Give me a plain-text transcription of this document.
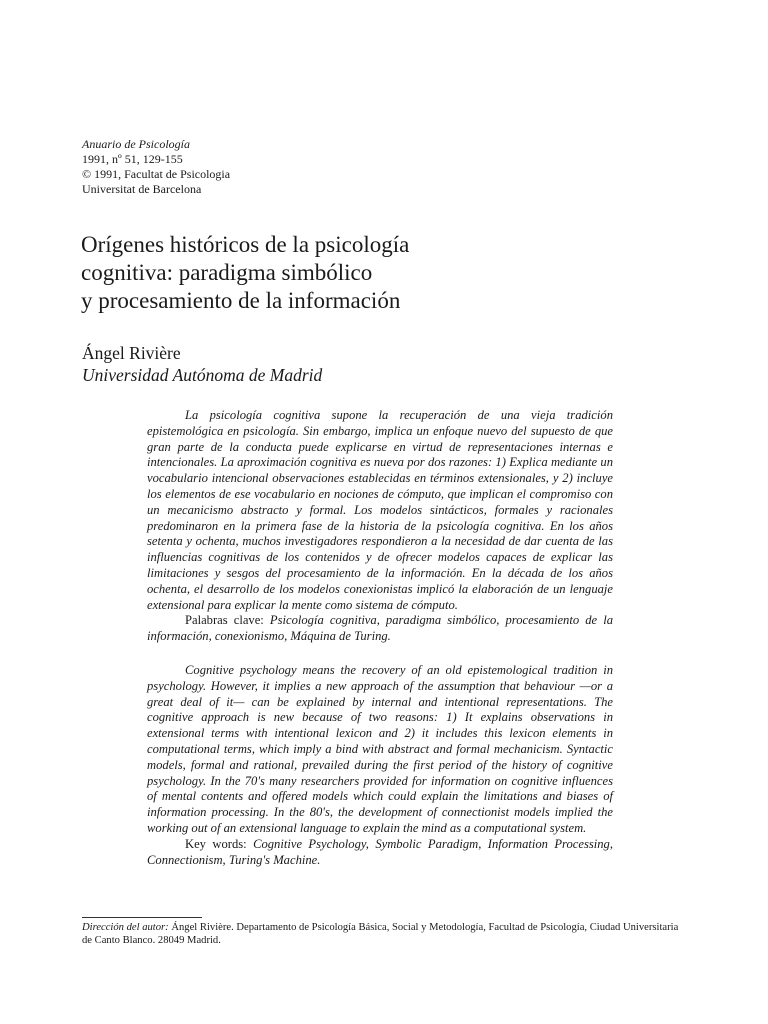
Anuario de Psicología
1991, nº 51, 129-155
© 1991, Facultat de Psicologia
Universitat de Barcelona
Orígenes históricos de la psicología
cognitiva: paradigma simbólico
y procesamiento de la información
Ángel Rivière
Universidad Autónoma de Madrid

La psicología cognitiva supone la recuperación de una vieja tradición epistemológica en psicología. Sin embargo, implica un enfoque nuevo del supuesto de que gran parte de la conducta puede explicarse en virtud de representaciones internas e intencionales. La aproximación cognitiva es nueva por dos razones: 1) Explica mediante un vocabulario intencional observaciones establecidas en términos extensionales, y 2) incluye los elementos de ese vocabulario en nociones de cómputo, que implican el compromiso con un mecanicismo abstracto y formal. Los modelos sintácticos, formales y racionales predominaron en la primera fase de la historia de la psicología cognitiva. En los años setenta y ochenta, muchos investigadores respondieron a la necesidad de dar cuenta de las influencias cognitivas de los contenidos y de ofrecer modelos capaces de explicar las limitaciones y sesgos del procesamiento de la información. En la década de los años ochenta, el desarrollo de los modelos conexionistas implicó la elaboración de un lenguaje extensional para explicar la mente como sistema de cómputo.

Palabras clave: Psicología cognitiva, paradigma simbólico, procesamiento de la información, conexionismo, Máquina de Turing.

Cognitive psychology means the recovery of an old epistemological tradition in psychology. However, it implies a new approach of the assumption that behaviour —or a great deal of it— can be explained by internal and intentional representations. The cognitive approach is new because of two reasons: 1) It explains observations in extensional terms with intentional lexicon and 2) it includes this lexicon elements in computational terms, which imply a bind with abstract and formal mechanicism. Syntactic models, formal and rational, prevailed during the first period of the history of cognitive psychology. In the 70's many researchers provided for information on cognitive influences of mental contents and offered models which could explain the limitations and biases of information processing. In the 80's, the development of connectionist models implied the working out of an extensional language to explain the mind as a computational system.

Key words: Cognitive Psychology, Symbolic Paradigm, Information Processing, Connectionism, Turing's Machine.

Dirección del autor: Ángel Rivière. Departamento de Psicología Básica, Social y Metodología, Facultad de Psicología, Ciudad Universitaria de Canto Blanco. 28049 Madrid.
